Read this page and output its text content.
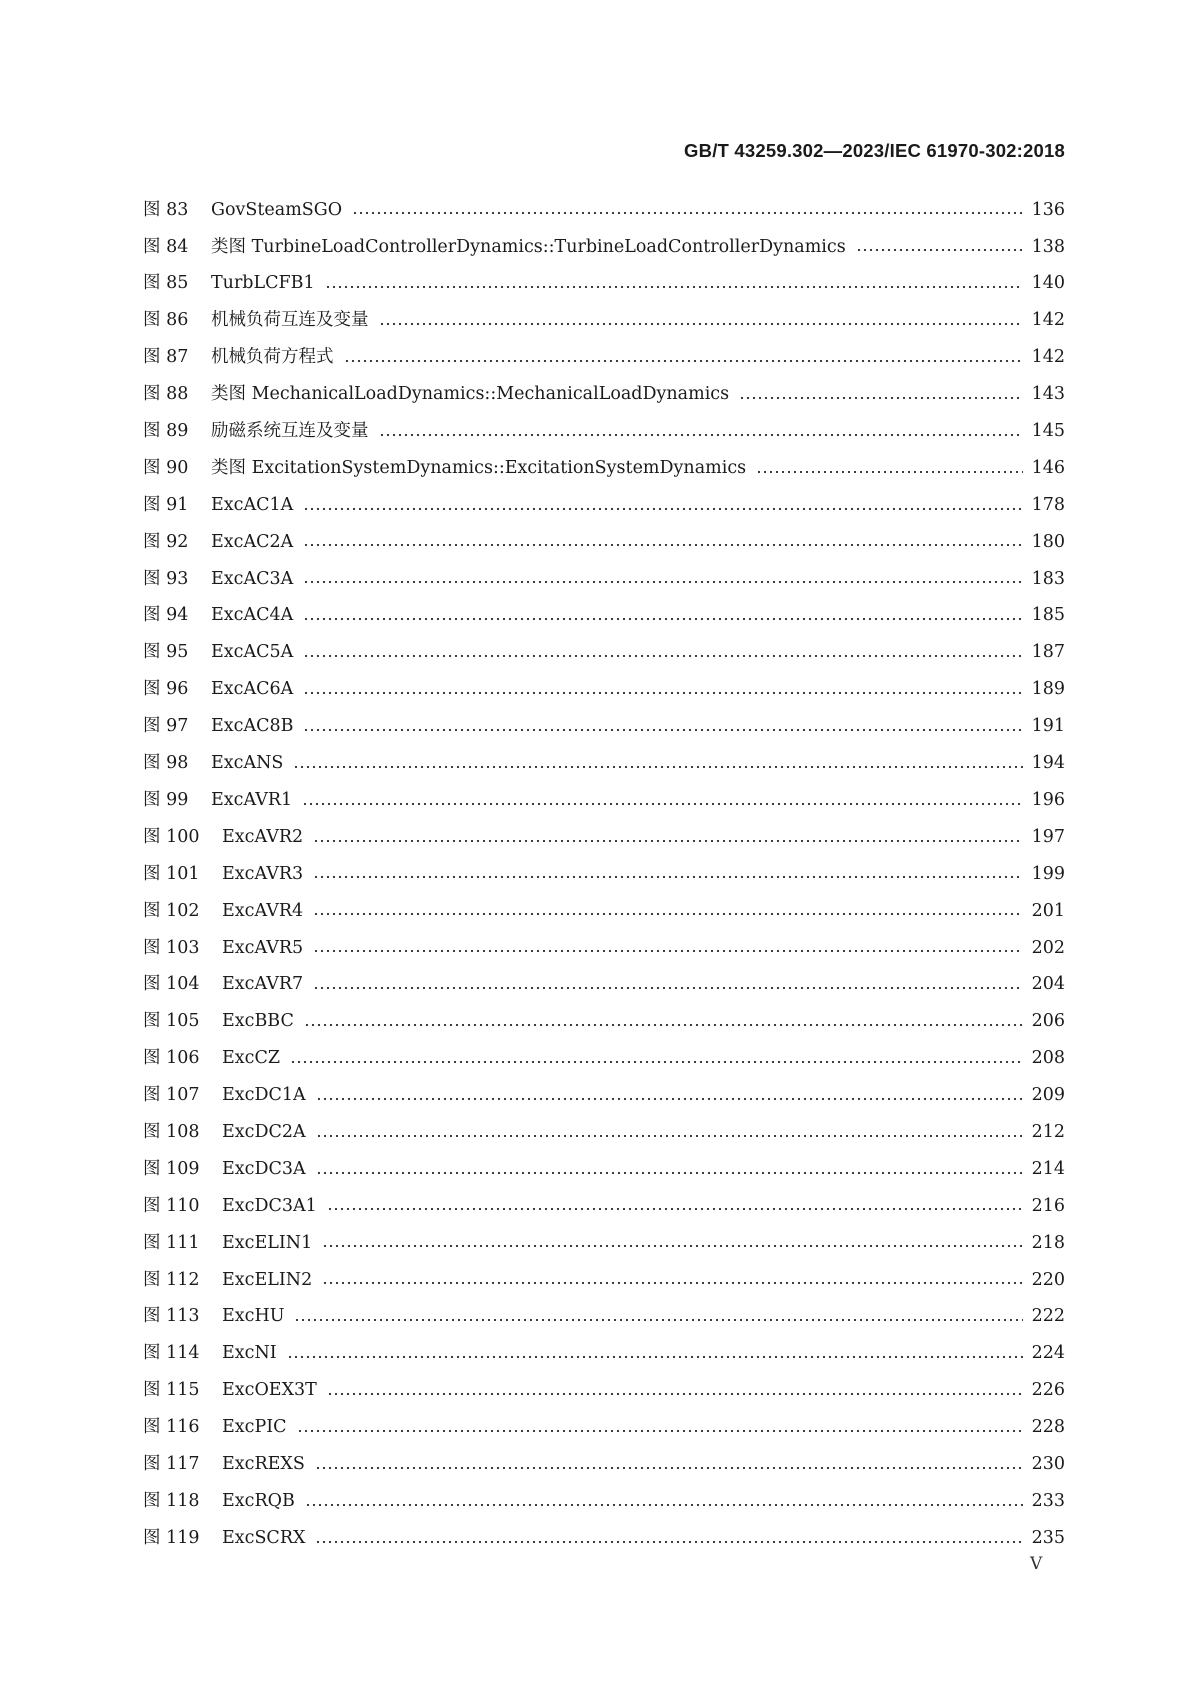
GB/T 43259.302—2023/IEC 61970-302:2018
图 83	GovSteamSGO	136
图 84	类图 TurbineLoadControllerDynamics::TurbineLoadControllerDynamics	138
图 85	TurbLCFB1	140
图 86	机械负荷互连及变量	142
图 87	机械负荷方程式	142
图 88	类图 MechanicalLoadDynamics::MechanicalLoadDynamics	143
图 89	励磁系统互连及变量	145
图 90	类图 ExcitationSystemDynamics::ExcitationSystemDynamics	146
图 91	ExcAC1A	178
图 92	ExcAC2A	180
图 93	ExcAC3A	183
图 94	ExcAC4A	185
图 95	ExcAC5A	187
图 96	ExcAC6A	189
图 97	ExcAC8B	191
图 98	ExcANS	194
图 99	ExcAVR1	196
图 100	ExcAVR2	197
图 101	ExcAVR3	199
图 102	ExcAVR4	201
图 103	ExcAVR5	202
图 104	ExcAVR7	204
图 105	ExcBBC	206
图 106	ExcCZ	208
图 107	ExcDC1A	209
图 108	ExcDC2A	212
图 109	ExcDC3A	214
图 110	ExcDC3A1	216
图 111	ExcELIN1	218
图 112	ExcELIN2	220
图 113	ExcHU	222
图 114	ExcNI	224
图 115	ExcOEX3T	226
图 116	ExcPIC	228
图 117	ExcREXS	230
图 118	ExcRQB	233
图 119	ExcSCRX	235
V
